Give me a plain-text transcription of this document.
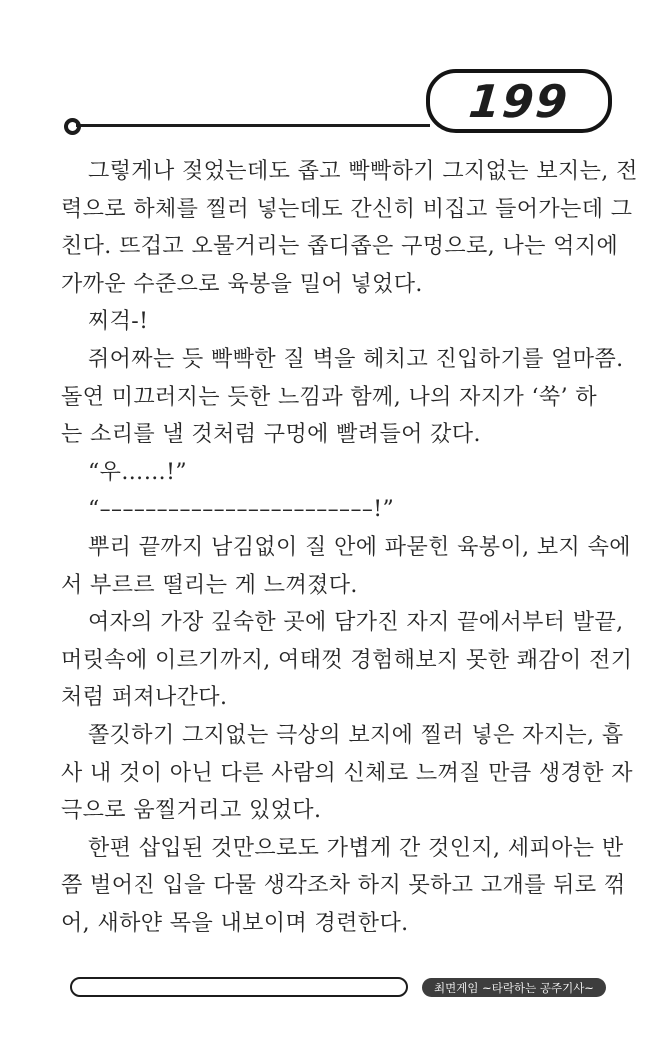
199
그렇게나 젖었는데도 좁고 빡빡하기 그지없는 보지는, 전
력으로 하체를 찔러 넣는데도 간신히 비집고 들어가는데 그
친다. 뜨겁고 오물거리는 좁디좁은 구멍으로, 나는 억지에
가까운 수준으로 육봉을 밀어 넣었다.
찌걱-!
쥐어짜는 듯 빡빡한 질 벽을 헤치고 진입하기를 얼마쯤.
돌연 미끄러지는 듯한 느낌과 함께, 나의 자지가 ‘쑥’ 하
는 소리를 낼 것처럼 구멍에 빨려들어 갔다.
“우……!”
“––––––––––––––––––––––––!”
뿌리 끝까지 남김없이 질 안에 파묻힌 육봉이, 보지 속에
서 부르르 떨리는 게 느껴졌다.
여자의 가장 깊숙한 곳에 담가진 자지 끝에서부터 발끝,
머릿속에 이르기까지, 여태껏 경험해보지 못한 쾌감이 전기
처럼 퍼져나간다.
쫄깃하기 그지없는 극상의 보지에 찔러 넣은 자지는, 흡
사 내 것이 아닌 다른 사람의 신체로 느껴질 만큼 생경한 자
극으로 움찔거리고 있었다.
한편 삽입된 것만으로도 가볍게 간 것인지, 세피아는 반
쯤 벌어진 입을 다물 생각조차 하지 못하고 고개를 뒤로 꺾
어, 새하얀 목을 내보이며 경련한다.
최면게임 ~타락하는 공주기사~
